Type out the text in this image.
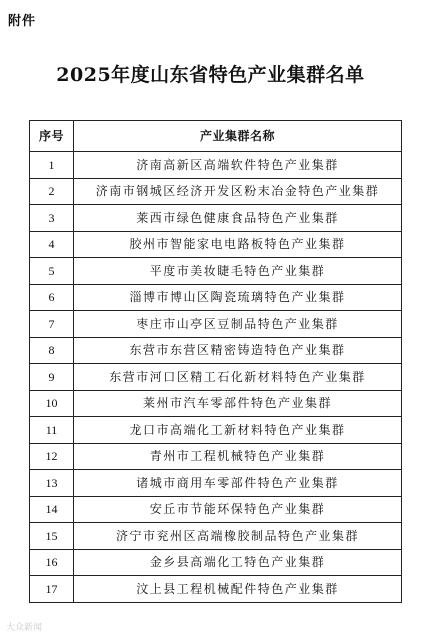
附件
2025年度山东省特色产业集群名单
序号	产业集群名称
1	济南高新区高端软件特色产业集群
2	济南市钢城区经济开发区粉末冶金特色产业集群
3	莱西市绿色健康食品特色产业集群
4	胶州市智能家电电路板特色产业集群
5	平度市美妆睫毛特色产业集群
6	淄博市博山区陶瓷琉璃特色产业集群
7	枣庄市山亭区豆制品特色产业集群
8	东营市东营区精密铸造特色产业集群
9	东营市河口区精工石化新材料特色产业集群
10	莱州市汽车零部件特色产业集群
11	龙口市高端化工新材料特色产业集群
12	青州市工程机械特色产业集群
13	诸城市商用车零部件特色产业集群
14	安丘市节能环保特色产业集群
15	济宁市兖州区高端橡胶制品特色产业集群
16	金乡县高端化工特色产业集群
17	汶上县工程机械配件特色产业集群
大众新闻
